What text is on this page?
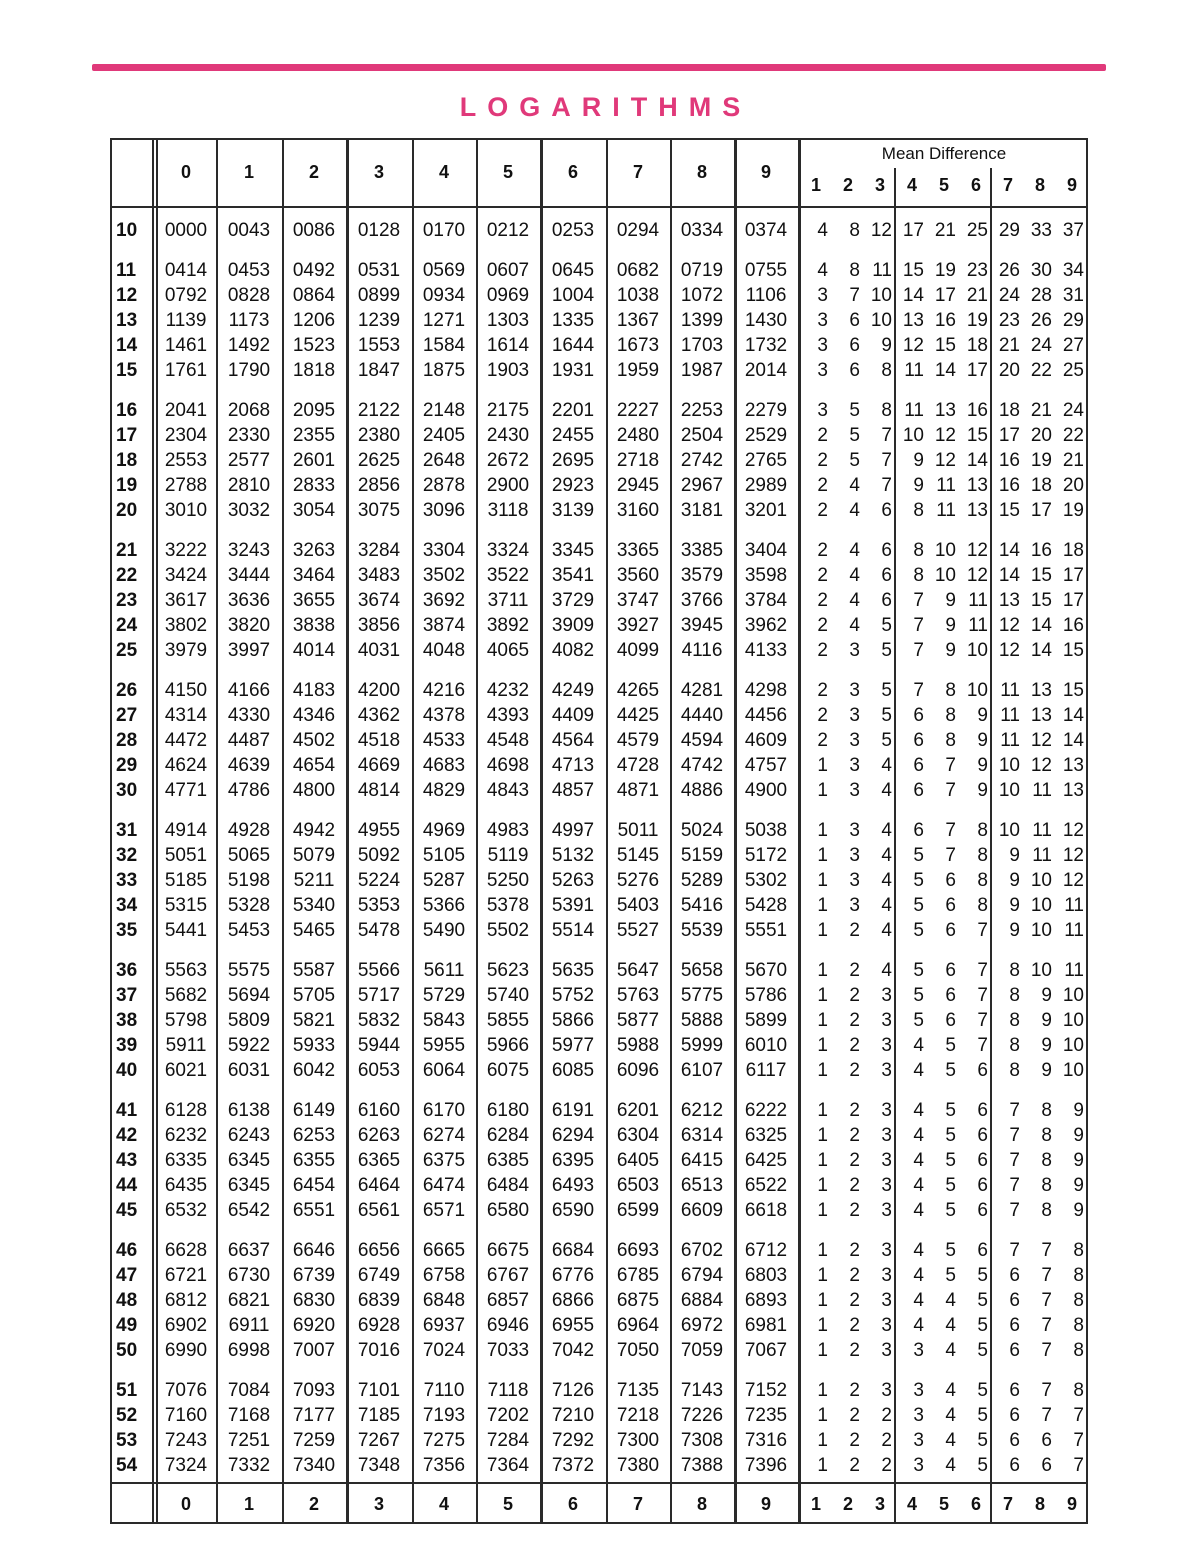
LOGARITHMS
Mean Difference
0	1	2	3	4	5	6	7	8	9
1	2	3	4	5	6	7	8	9
10	0000	0043	0086	0128	0170	0212	0253	0294	0334	0374	4	8 12 17 21 25 29 33 37
11	0414	0453	0492	0531	0569	0607	0645	0682	0719	0755	4	8 11 15 19 23 26 30 34
12	0792	0828	0864	0899	0934	0969	1004	1038	1072	1106	3	7 10 14 17 21 24 28 31
13	1139	1173	1206	1239	1271	1303	1335	1367	1399	1430	3	6 10 13 16 19 23 26 29
14	1461	1492	1523	1553	1584	1614	1644	1673	1703	1732	3	6	9 12 15 18 21 24 27
15	1761	1790	1818	1847	1875	1903	1931	1959	1987	2014	3	6	8 11 14 17 20 22 25
16	2041	2068	2095	2122	2148	2175	2201	2227	2253	2279	3	5	8 11 13 16 18 21 24
17	2304	2330	2355	2380	2405	2430	2455	2480	2504	2529	2	5	7 10 12 15 17 20 22
18	2553	2577	2601	2625	2648	2672	2695	2718	2742	2765	2	5	7	9 12 14 16 19 21
19	2788	2810	2833	2856	2878	2900	2923	2945	2967	2989	2	4	7	9 11 13 16 18 20
20	3010	3032	3054	3075	3096	3118	3139	3160	3181	3201	2	4	6	8 11 13 15 17 19
21	3222	3243	3263	3284	3304	3324	3345	3365	3385	3404	2	4	6	8 10 12 14 16 18
22	3424	3444	3464	3483	3502	3522	3541	3560	3579	3598	2	4	6	8 10 12 14 15 17
23	3617	3636	3655	3674	3692	3711	3729	3747	3766	3784	2	4	6	7	9 11 13 15 17
24	3802	3820	3838	3856	3874	3892	3909	3927	3945	3962	2	4	5	7	9 11 12 14 16
25	3979	3997	4014	4031	4048	4065	4082	4099	4116	4133	2	3	5	7	9 10 12 14 15
26	4150	4166	4183	4200	4216	4232	4249	4265	4281	4298	2	3	5	7	8 10 11 13 15
27	4314	4330	4346	4362	4378	4393	4409	4425	4440	4456	2	3	5	6	8	9 11 13 14
28	4472	4487	4502	4518	4533	4548	4564	4579	4594	4609	2	3	5	6	8	9 11 12 14
29	4624	4639	4654	4669	4683	4698	4713	4728	4742	4757	1	3	4	6	7	9 10 12 13
30	4771	4786	4800	4814	4829	4843	4857	4871	4886	4900	1	3	4	6	7	9 10 11 13
31	4914	4928	4942	4955	4969	4983	4997	5011	5024	5038	1	3	4	6	7	8 10 11 12
32	5051	5065	5079	5092	5105	5119	5132	5145	5159	5172	1	3	4	5	7	8	9 11 12
33	5185	5198	5211	5224	5287	5250	5263	5276	5289	5302	1	3	4	5	6	8	9 10 12
34	5315	5328	5340	5353	5366	5378	5391	5403	5416	5428	1	3	4	5	6	8	9 10 11
35	5441	5453	5465	5478	5490	5502	5514	5527	5539	5551	1	2	4	5	6	7	9 10 11
36	5563	5575	5587	5566	5611	5623	5635	5647	5658	5670	1	2	4	5	6	7	8 10 11
37	5682	5694	5705	5717	5729	5740	5752	5763	5775	5786	1	2	3	5	6	7	8	9 10
38	5798	5809	5821	5832	5843	5855	5866	5877	5888	5899	1	2	3	5	6	7	8	9 10
39	5911	5922	5933	5944	5955	5966	5977	5988	5999	6010	1	2	3	4	5	7	8	9 10
40	6021	6031	6042	6053	6064	6075	6085	6096	6107	6117	1	2	3	4	5	6	8	9 10
41	6128	6138	6149	6160	6170	6180	6191	6201	6212	6222	1	2	3	4	5	6	7	8	9
42	6232	6243	6253	6263	6274	6284	6294	6304	6314	6325	1	2	3	4	5	6	7	8	9
43	6335	6345	6355	6365	6375	6385	6395	6405	6415	6425	1	2	3	4	5	6	7	8	9
44	6435	6345	6454	6464	6474	6484	6493	6503	6513	6522	1	2	3	4	5	6	7	8	9
45	6532	6542	6551	6561	6571	6580	6590	6599	6609	6618	1	2	3	4	5	6	7	8	9
46	6628	6637	6646	6656	6665	6675	6684	6693	6702	6712	1	2	3	4	5	6	7	7	8
47	6721	6730	6739	6749	6758	6767	6776	6785	6794	6803	1	2	3	4	5	5	6	7	8
48	6812	6821	6830	6839	6848	6857	6866	6875	6884	6893	1	2	3	4	4	5	6	7	8
49	6902	6911	6920	6928	6937	6946	6955	6964	6972	6981	1	2	3	4	4	5	6	7	8
50	6990	6998	7007	7016	7024	7033	7042	7050	7059	7067	1	2	3	3	4	5	6	7	8
51	7076	7084	7093	7101	7110	7118	7126	7135	7143	7152	1	2	3	3	4	5	6	7	8
52	7160	7168	7177	7185	7193	7202	7210	7218	7226	7235	1	2	2	3	4	5	6	7	7
53	7243	7251	7259	7267	7275	7284	7292	7300	7308	7316	1	2	2	3	4	5	6	6	7
54	7324	7332	7340	7348	7356	7364	7372	7380	7388	7396	1	2	2	3	4	5	6	6	7
0	1	2	3	4	5	6	7	8	9	1	2	3	4	5	6	7	8	9
